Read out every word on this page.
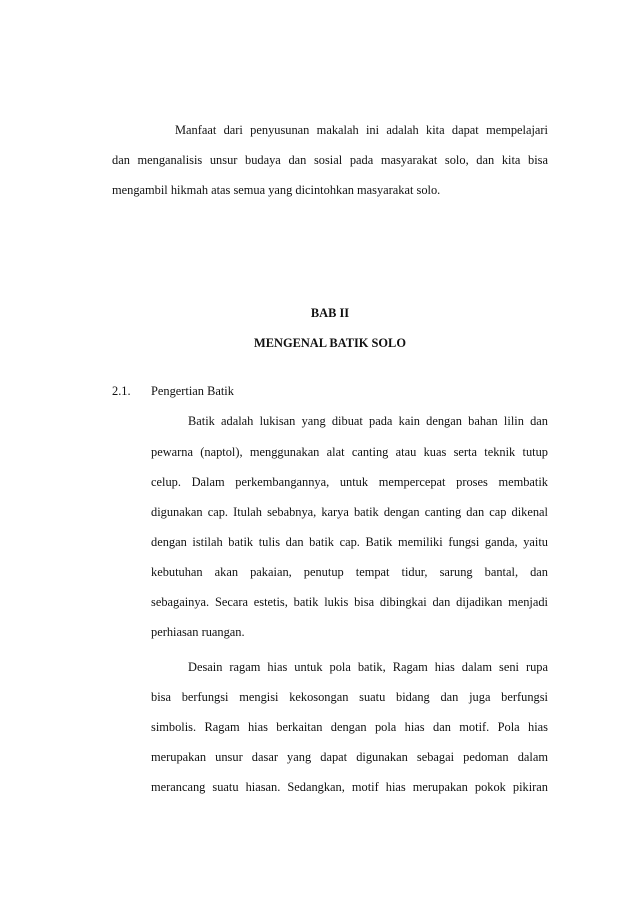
Manfaat dari penyusunan makalah ini adalah kita dapat mempelajari
dan menganalisis unsur budaya dan sosial pada masyarakat solo, dan kita bisa
mengambil hikmah atas semua yang dicintohkan masyarakat solo.
BAB II
MENGENAL BATIK SOLO
2.1. Pengertian Batik
Batik adalah lukisan yang dibuat pada kain dengan bahan lilin dan
pewarna (naptol), menggunakan alat canting atau kuas serta teknik tutup
celup. Dalam perkembangannya, untuk mempercepat proses membatik
digunakan cap. Itulah sebabnya, karya batik dengan canting dan cap dikenal
dengan istilah batik tulis dan batik cap. Batik memiliki fungsi ganda, yaitu
kebutuhan akan pakaian, penutup tempat tidur, sarung bantal, dan
sebagainya. Secara estetis, batik lukis bisa dibingkai dan dijadikan menjadi
perhiasan ruangan.
Desain ragam hias untuk pola batik, Ragam hias dalam seni rupa
bisa berfungsi mengisi kekosongan suatu bidang dan juga berfungsi
simbolis. Ragam hias berkaitan dengan pola hias dan motif. Pola hias
merupakan unsur dasar yang dapat digunakan sebagai pedoman dalam
merancang suatu hiasan. Sedangkan, motif hias merupakan pokok pikiran
